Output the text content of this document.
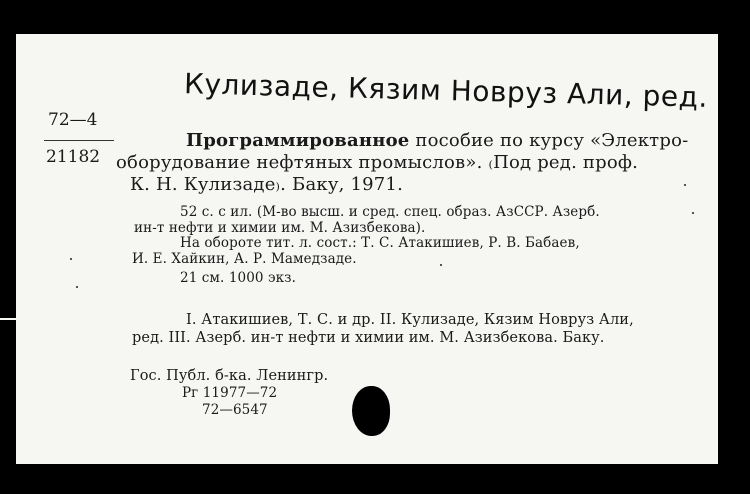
Кулизаде, Кязим Новруз Али, ред.
72—4
21182
Программированное пособие по курсу «Электро-
оборудование нефтяных промыслов». ₍Под ред. проф.
К. Н. Кулизаде₎. Баку, 1971.
52 с. с ил. (М-во высш. и сред. спец. образ. АзССР. Азерб.
ин-т нефти и химии им. М. Азизбекова).
На обороте тит. л. сост.: Т. С. Атакишиев, Р. В. Бабаев,
И. Е. Хайкин, А. Р. Мамедзаде.
21 см. 1000 экз.
I. Атакишиев, Т. С. и др. II. Кулизаде, Кязим Новруз Али,
ред. III. Азерб. ин-т нефти и химии им. М. Азизбекова. Баку.
Гос. Публ. б-ка. Ленингр.
Рг 11977—72
72—6547
